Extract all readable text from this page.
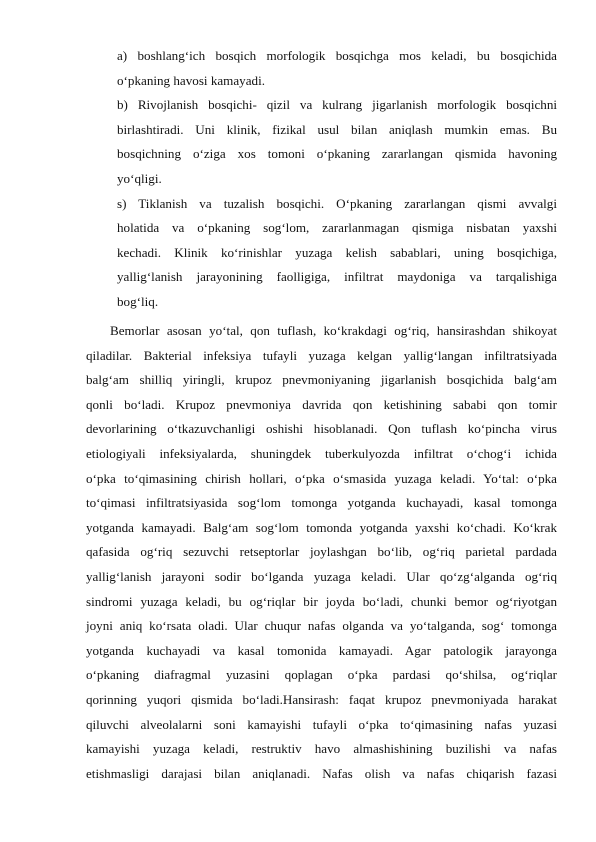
a) boshlang‘ich bosqich morfologik bosqichga mos keladi, bu bosqichida
o‘pkaning havosi kamayadi.
b) Rivojlanish bosqichi- qizil va kulrang jigarlanish morfologik bosqichni
birlashtiradi. Uni klinik, fizikal usul bilan aniqlash mumkin emas. Bu
bosqichning o‘ziga xos tomoni o‘pkaning zararlangan qismida havoning
yo‘qligi.
s) Tiklanish va tuzalish bosqichi. O‘pkaning zararlangan qismi avvalgi
holatida va o‘pkaning sog‘lom, zararlanmagan qismiga nisbatan yaxshi
kechadi. Klinik ko‘rinishlar yuzaga kelish sabablari, uning bosqichiga,
yallig‘lanish jarayonining faolligiga, infiltrat maydoniga va tarqalishiga
bog‘liq.
Bemorlar asosan yo‘tal, qon tuflash, ko‘krakdagi og‘riq, hansirashdan shikoyat
qiladilar. Bakterial infeksiya tufayli yuzaga kelgan yallig‘langan infiltratsiyada
balg‘am shilliq yiringli, krupoz pnevmoniyaning jigarlanish bosqichida balg‘am
qonli bo‘ladi. Krupoz pnevmoniya davrida qon ketishining sababi qon tomir
devorlarining o‘tkazuvchanligi oshishi hisoblanadi. Qon tuflash ko‘pincha virus
etiologiyali infeksiyalarda, shuningdek tuberkulyozda infiltrat o‘chog‘i ichida
o‘pka to‘qimasining chirish hollari, o‘pka o‘smasida yuzaga keladi. Yo‘tal: o‘pka
to‘qimasi infiltratsiyasida sog‘lom tomonga yotganda kuchayadi, kasal tomonga
yotganda kamayadi. Balg‘am sog‘lom tomonda yotganda yaxshi ko‘chadi. Ko‘krak
qafasida og‘riq sezuvchi retseptorlar joylashgan bo‘lib, og‘riq parietal pardada
yallig‘lanish jarayoni sodir bo‘lganda yuzaga keladi. Ular qo‘zg‘alganda og‘riq
sindromi yuzaga keladi, bu og‘riqlar bir joyda bo‘ladi, chunki bemor og‘riyotgan
joyni aniq ko‘rsata oladi. Ular chuqur nafas olganda va yo‘talganda, sog‘ tomonga
yotganda kuchayadi va kasal tomonida kamayadi. Agar patologik jarayonga
o‘pkaning diafragmal yuzasini qoplagan o‘pka pardasi qo‘shilsa, og‘riqlar
qorinning yuqori qismida bo‘ladi.Hansirash: faqat krupoz pnevmoniyada harakat
qiluvchi alveolalarni soni kamayishi tufayli o‘pka to‘qimasining nafas yuzasi
kamayishi yuzaga keladi, restruktiv havo almashishining buzilishi va nafas
etishmasligi darajasi bilan aniqlanadi. Nafas olish va nafas chiqarish fazasi
